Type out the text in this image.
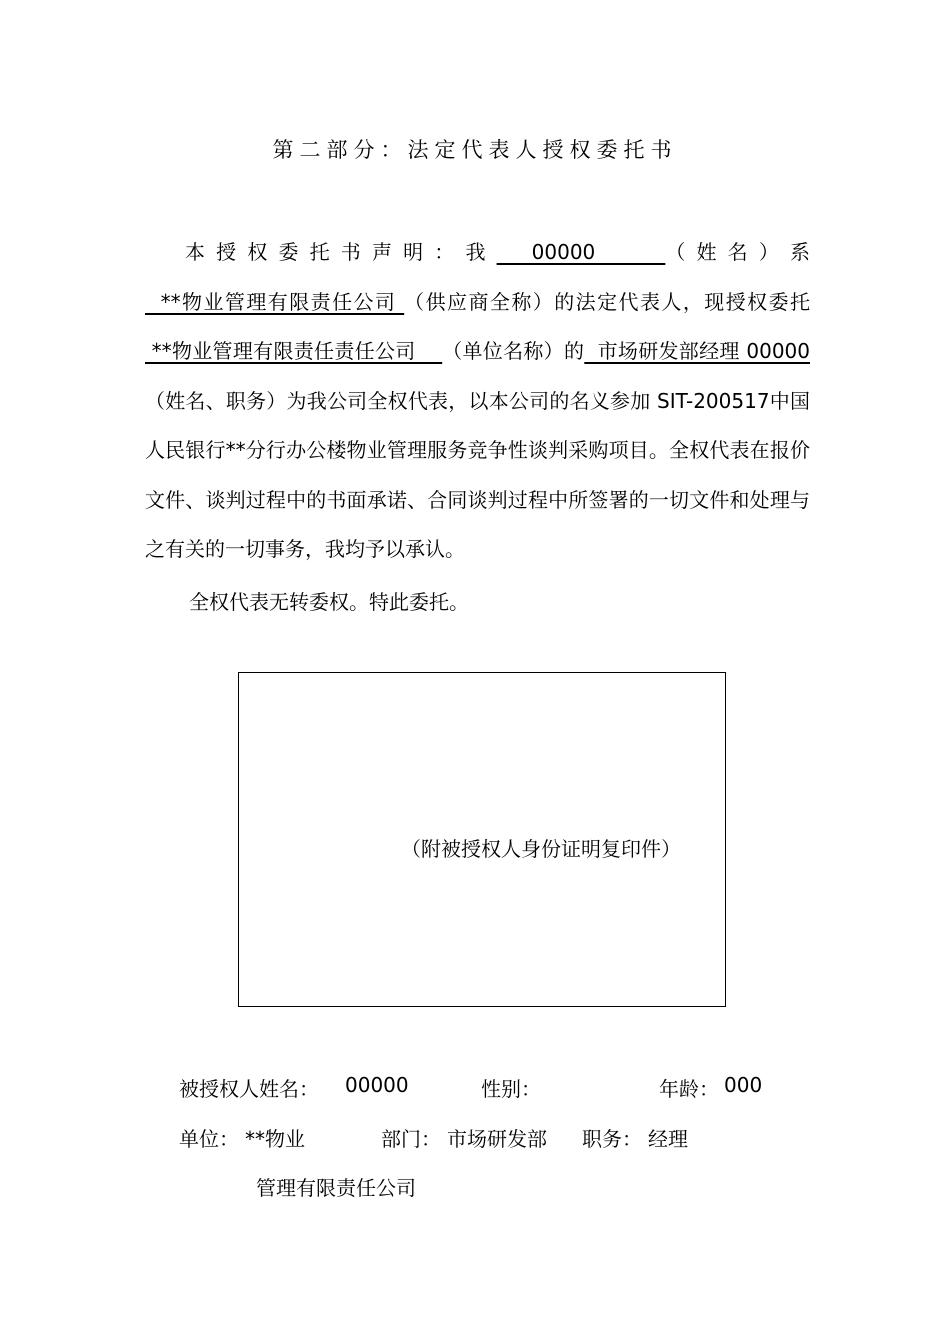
第二部分：法定代表人授权委托书

本授权委托书声明：我  00000    （姓名）系  **物业管理有限责任公司 （供应商全称）的法定代表人，现授权委托 **物业管理有限责任责任公司    （单位名称）的  市场研发部经理 00000（姓名、职务）为我公司全权代表，以本公司的名义参加 SIT-200517中国人民银行**分行办公楼物业管理服务竞争性谈判采购项目。全权代表在报价文件、谈判过程中的书面承诺、合同谈判过程中所签署的一切文件和处理与之有关的一切事务，我均予以承认。

全权代表无转委权。特此委托。

（附被授权人身份证明复印件）
被授权人姓名： 00000	性别：	年龄： 000
单位： **物业	部门： 市场研发部 职务： 经理
管理有限责任公司
